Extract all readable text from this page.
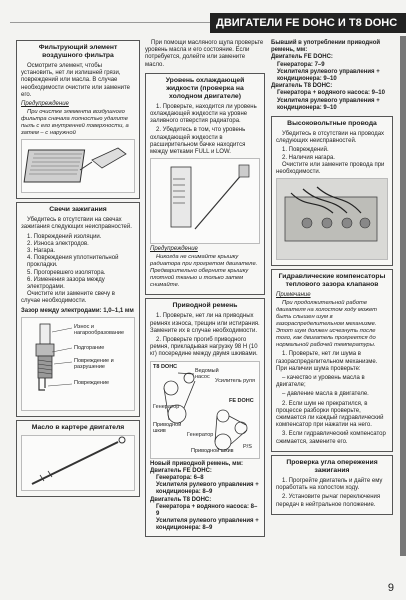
ДВИГАТЕЛИ FE DOHC И T8 DOHC
Фильтрующий элемент воздушного фильтра

Осмотрите элемент, чтобы установить, нет ли излишней грязи, повреждений или масла. В случае необходимости очистите или замените его.

Предупреждение

При очистке элемента воздушного фильтра сначала полностью удалите пыль с его внутренней поверхности, а затем – с наружной

Свечи зажигания

Убедитесь в отсутствии на свечах зажигания следующих неисправностей.

1. Повреждений изоляции.

2. Износа электродов.

3. Нагара.

4. Повреждения уплотнительной прокладки.

5. Прогоревшего изолятора.

6. Изменения зазора между электродами.

Очистите или замените свечу в случае необходимости.

Зазор между электродами: 1,0–1,1 мм

Износ и нагарообразование
Подгорание
Повреждение и разрушение
Повреждение
Масло в картере двигателя

При помощи масляного щупа проверьте уровень масла и его состояние. Если потребуется, долейте или замените масло.

Уровень охлаждающей жидкости (проверка на холодном двигателе)

1. Проверьте, находится ли уровень охлаждающей жидкости на уровне заливного отверстия радиатора.

2. Убедитесь в том, что уровень охлаждающей жидкости в расширительном бачке находится между метками FULL и LOW.

Предупреждение

Никогда не снимайте крышку радиатора при прогретом двигателе. Предварительно оберните крышку плотной тканью и только затем снимайте.

Приводной ремень

1. Проверьте, нет ли на приводных ремнях износа, трещин или истирания. Замените их в случае необходимости.

2. Проверьте прогиб приводного ремня, прикладывая нагрузку 98 Н (10 кг) посередине между двумя шкивами.

T8 DOHC
Ведомый насос
Усилитель руля
FE DOHC
Генератор
Приводной шкив
Генератор
Приводной шкив
P/S

Новый приводной ремень, мм:

Двигатель FE DOHC:

Генератора: 6–8

Усилителя рулевого управления + кондиционера: 8–9

Двигатель T8 DOHC:

Генератора + водяного насоса: 8–9

Усилителя рулевого управления + кондиционера: 8–9

Бывший в употреблении приводной ремень, мм:

Двигатель FE DOHC:

Генератора: 7–9

Усилителя рулевого управления + кондиционера: 9–10

Двигатель T8 DOHC:

Генератора + водяного насоса: 9–10

Усилителя рулевого управления + кондиционера: 9–10

Высоковольтные провода

Убедитесь в отсутствии на проводах следующих неисправностей.

1. Повреждений.

2. Наличия нагара.

Очистите или замените провода при необходимости.

Гидравлические компенсаторы теплового зазора клапанов
Примечание

При продолжительной работе двигателя на холостом ходу может быть слышен шум в газораспределительном механизме. Этот шум должен исчезнуть после того, как двигатель прогреется до нормальной рабочей температуры.

1. Проверьте, нет ли шума в газораспределительном механизме. При наличии шума проверьте:

– качество и уровень масла в двигателе;

– давление масла в двигателе.

2. Если шум не прекратился, в процессе разборки проверьте, сжимается ли каждый гидравлический компенсатор при нажатии на него.

3. Если гидравлический компенсатор сжимается, замените его.

Проверка угла опережения зажигания

1. Прогрейте двигатель и дайте ему поработать на холостом ходу.

2. Установите рычаг переключения передач в нейтральное положение.

9
